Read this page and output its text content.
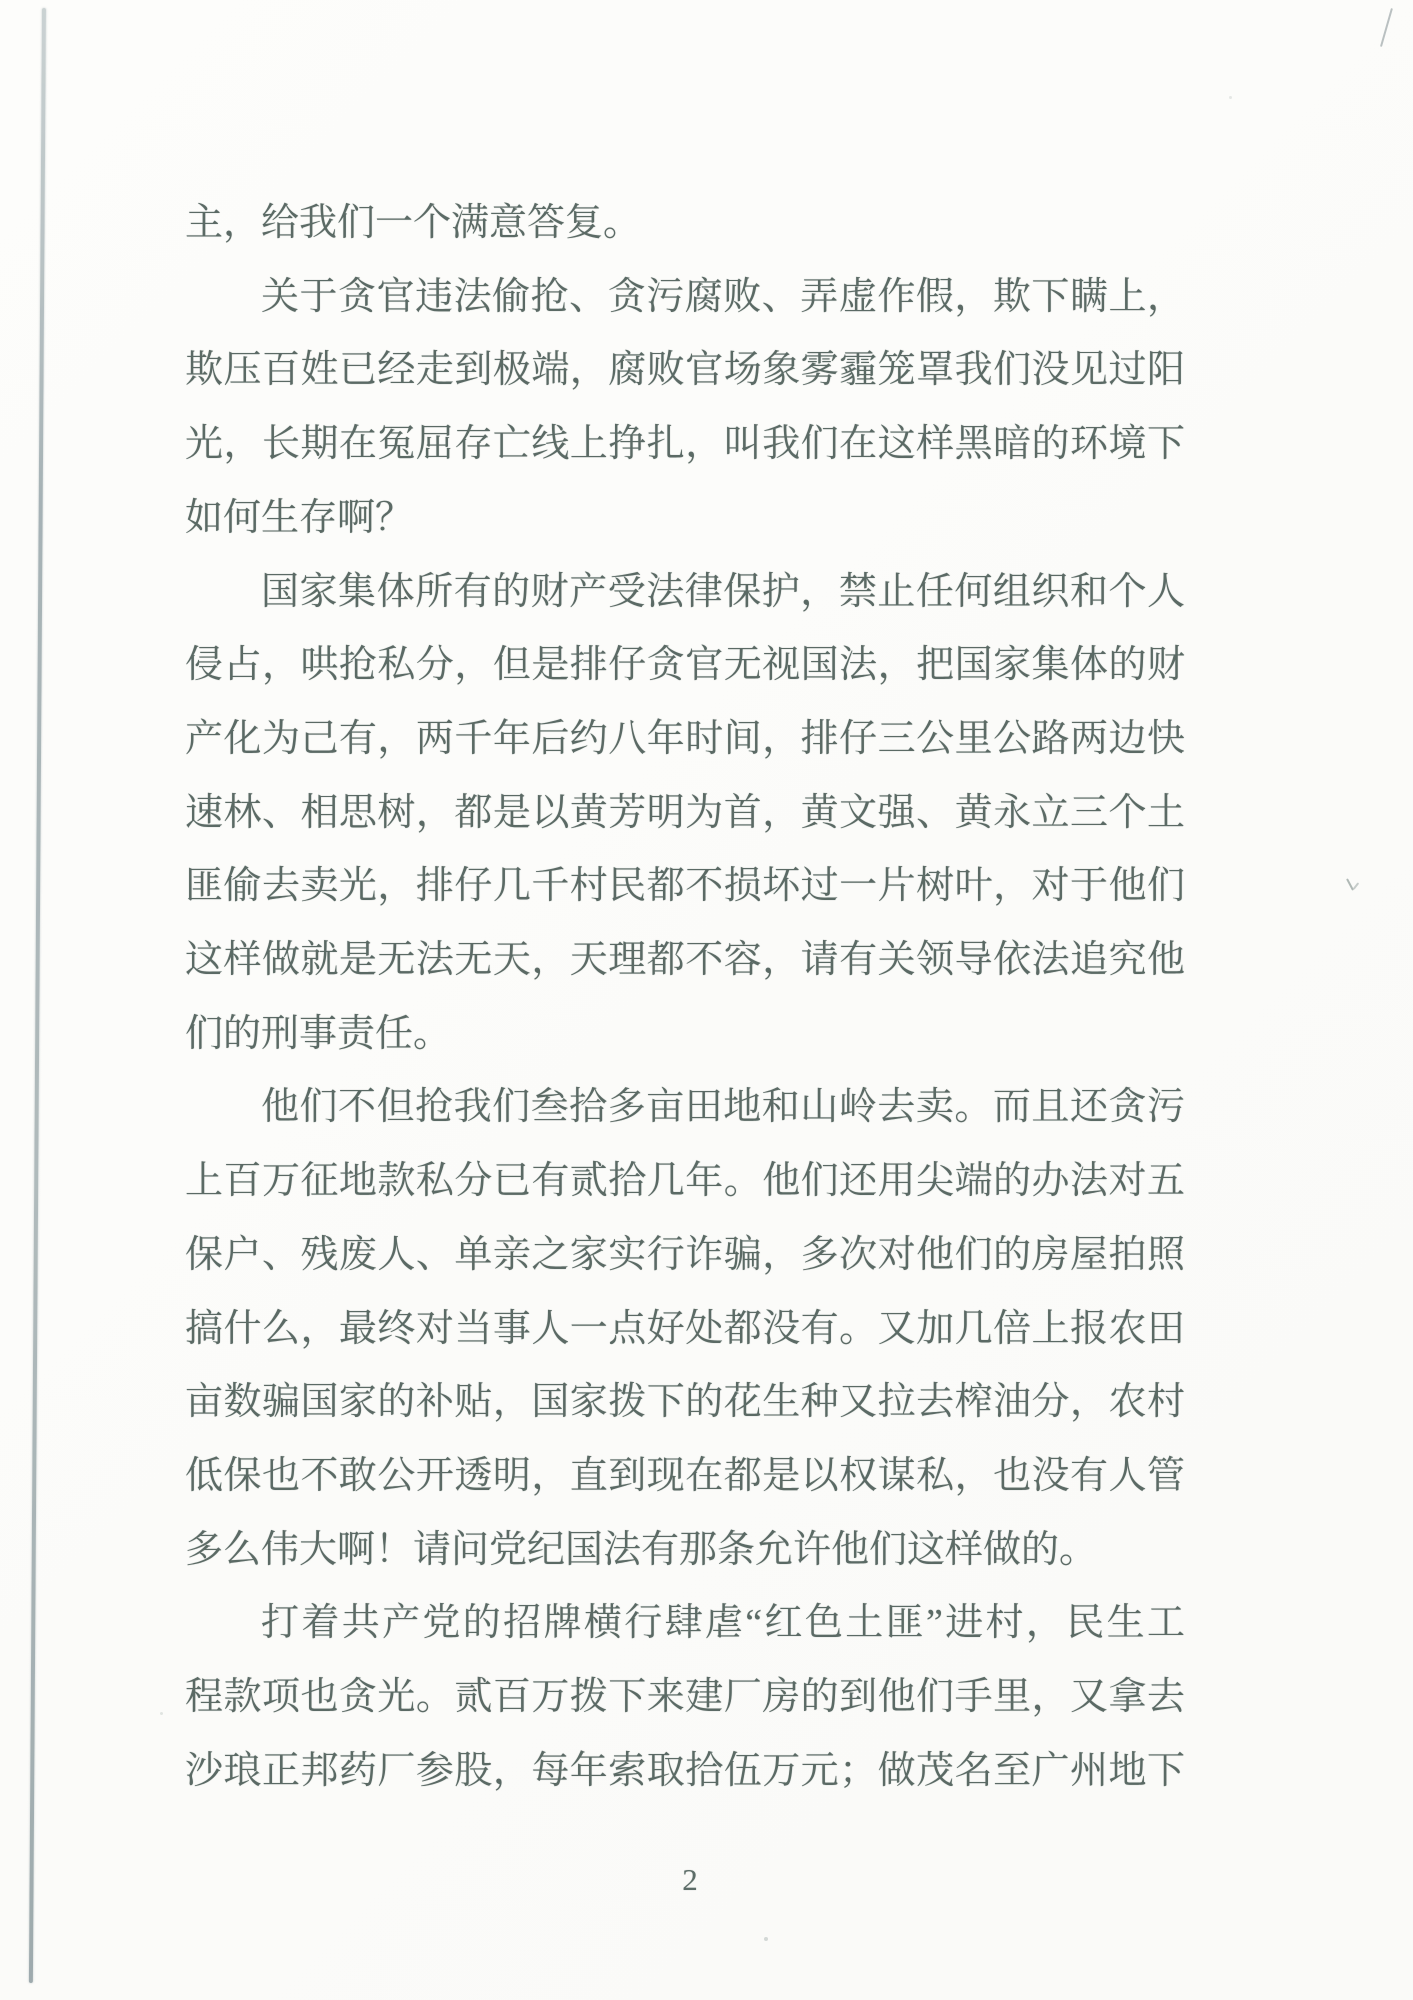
主，给我们一个满意答复。
关于贪官违法偷抢、贪污腐败、弄虚作假，欺下瞒上，
欺压百姓已经走到极端，腐败官场象雾霾笼罩我们没见过阳
光，长期在冤屈存亡线上挣扎，叫我们在这样黑暗的环境下
如何生存啊？
国家集体所有的财产受法律保护，禁止任何组织和个人
侵占，哄抢私分，但是排仔贪官无视国法，把国家集体的财
产化为己有，两千年后约八年时间，排仔三公里公路两边快
速林、相思树，都是以黄芳明为首，黄文强、黄永立三个土
匪偷去卖光，排仔几千村民都不损坏过一片树叶，对于他们
这样做就是无法无天，天理都不容，请有关领导依法追究他
们的刑事责任。
他们不但抢我们叁拾多亩田地和山岭去卖。而且还贪污
上百万征地款私分已有贰拾几年。他们还用尖端的办法对五
保户、残废人、单亲之家实行诈骗，多次对他们的房屋拍照
搞什么，最终对当事人一点好处都没有。又加几倍上报农田
亩数骗国家的补贴，国家拨下的花生种又拉去榨油分，农村
低保也不敢公开透明，直到现在都是以权谋私，也没有人管
多么伟大啊！请问党纪国法有那条允许他们这样做的。
打着共产党的招牌横行肆虐“红色土匪”进村，民生工
程款项也贪光。贰百万拨下来建厂房的到他们手里，又拿去
沙琅正邦药厂参股，每年索取拾伍万元；做茂名至广州地下
2
